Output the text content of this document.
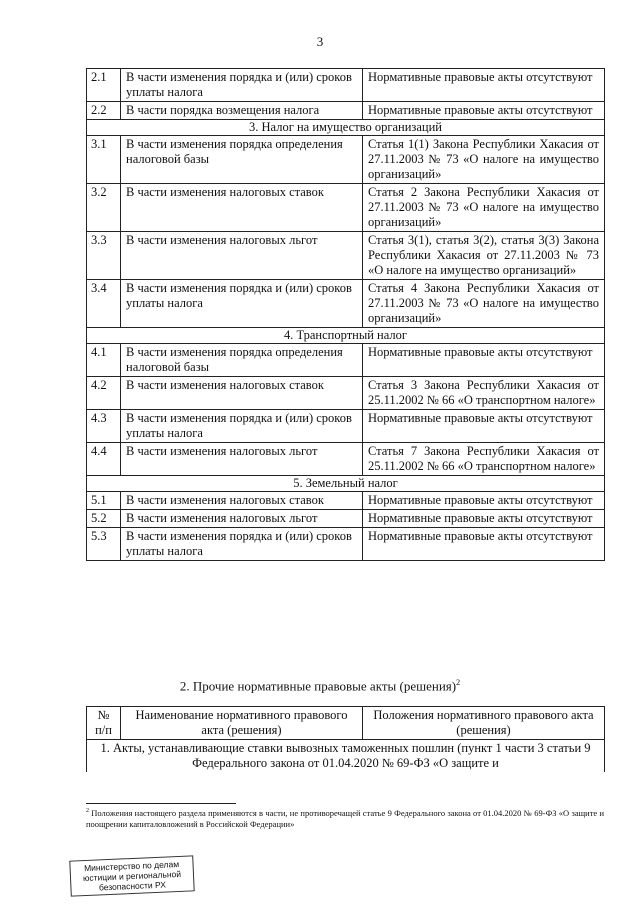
3
2.1	В части изменения порядка и (или) сроков уплаты налога	Нормативные правовые акты отсутствуют
2.2	В части порядка возмещения налога	Нормативные правовые акты отсутствуют
3. Налог на имущество организаций		
3.1	В части изменения порядка определения налоговой базы	Статья 1(1) Закона Республики Хакасия от 27.11.2003 № 73 «О налоге на имущество организаций»
3.2	В части изменения налоговых ставок	Статья 2 Закона Республики Хакасия от 27.11.2003 № 73 «О налоге на имущество организаций»
3.3	В части изменения налоговых льгот	Статья 3(1), статья 3(2), статья 3(3) Закона Республики Хакасия от 27.11.2003 № 73 «О налоге на имущество организаций»
3.4	В части изменения порядка и (или) сроков уплаты налога	Статья 4 Закона Республики Хакасия от 27.11.2003 № 73 «О налоге на имущество организаций»
4. Транспортный налог		
4.1	В части изменения порядка определения налоговой базы	Нормативные правовые акты отсутствуют
4.2	В части изменения налоговых ставок	Статья 3 Закона Республики Хакасия от 25.11.2002 № 66 «О транспортном налоге»
4.3	В части изменения порядка и (или) сроков уплаты налога	Нормативные правовые акты отсутствуют
4.4	В части изменения налоговых льгот	Статья 7 Закона Республики Хакасия от 25.11.2002 № 66 «О транспортном налоге»
5. Земельный налог		
5.1	В части изменения налоговых ставок	Нормативные правовые акты отсутствуют
5.2	В части изменения налоговых льгот	Нормативные правовые акты отсутствуют
5.3	В части изменения порядка и (или) сроков уплаты налога	Нормативные правовые акты отсутствуют
2. Прочие нормативные правовые акты (решения)$^2$
№ п/п	Наименование нормативного правового акта (решения)	Положения нормативного правового акта (решения)
1. Акты, устанавливающие ставки вывозных таможенных пошлин (пункт 1 части 3 статьи 9 Федерального закона от 01.04.2020 № 69-ФЗ «О защите и
$^2$ Положения настоящего раздела применяются в части, не противоречащей статье 9 Федерального закона от 01.04.2020 № 69-ФЗ «О защите и поощрении капиталовложений в Российской Федерации»
Министерство по делам
юстиции и региональной
безопасности РХ
